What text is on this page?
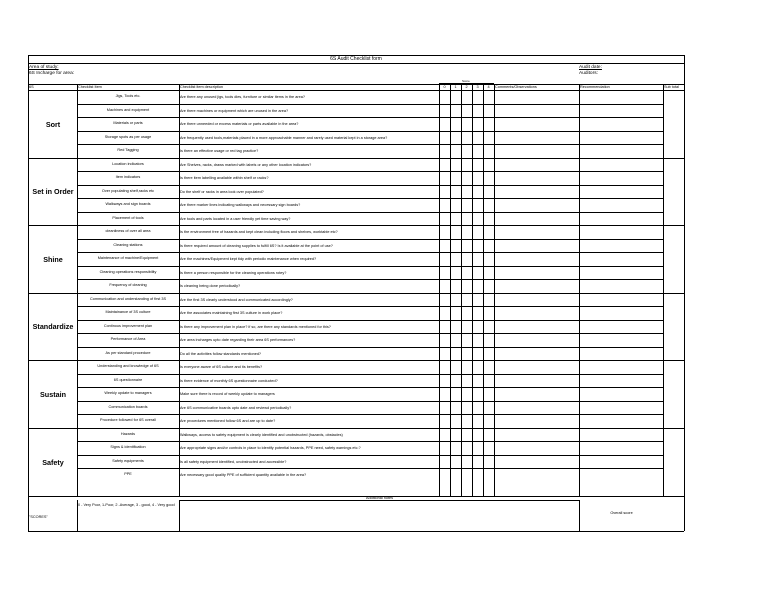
6S Audit Checklist form
Area of study:
6S Incharge for area:
Audit date:
Auditors:
Score
6S	Checklist Item	Checklist item description	0	1	2	3	4	Comments/Observations	Recommendation	Sub total
Additional notes
"SCORES"
0 - Very Poor, 1-Poor, 2 -Average, 3 - good, 4 - Very good
Overall score
Sort
Jigs, Tools etc.	Are there any unused jigs, tools dies, furniture or similar items in the area?
Machines and equipment	Are there machines or equipment which are unused in the area?
Materials or parts	Are there unneeded or excess materials or parts available in the area?
Storage spots as per usage	Are frequently used tools,materials placed in a more approachable manner and rarely used material kept in a storage area?
Red Tagging	Is there an effective usage or red tag practice?
Set in Order
Location indicators	Are Shelves, racks, draws marked with labels or any other location indicators?
Item indicators	Is there item labelling available within shelf or racks?
Over populating shelf,racks etc	Do the shelf or racks in area look over populated?
Walkways and sign boards	Are there marker lines indicating walkways and necessary sign boards?
Placement of tools	Are tools and parts located in a user friendly yet time saving way?
Shine
cleanliness of over all area	Is the environment free of hazards and kept clean including floors and shelves, worktable etc?
Cleaning stations	Is there required amount of cleaning supplies to fulfill 6S? Is it available at the point of use?
Maintenance of machine/Equipment	Are the machines/Equipment kept tidy with periodic maintenance when required?
Cleaning operations responsibility	Is there a person responsible for the cleaning operations rotey?
Frequency of cleaning	Is cleaning being done periodically?
Standardize
Communication and understanding of first 3S	Are the first 3S clearly understood and communicated accordingly?
Maintainance of 3S culture	Are the associates maintaining first 3S culture in work place?
Continous improvement plan	Is there any improvement plan in place? if so, are there any standards mentioned for this?
Performance of Area	Are area incharges upto date regarding their area 6S performances?
As per standard procedure	Do all the activities follow standards mentioned?
Sustain
Understanding and knowledge of 6S	Is everyone aware of 6S culture and its benefits?
6S questionnaire	Is there evidence of monthly 6S questionnaire conducted?
Weekly update to managers	Make sure there is record of weekly update to managers
Communication boards	Are 6S communicative boards upto date and reviewd periodically?
Procedure followed for 6S overall	Are procedures mentioned follow 6S and are up to date?
Safety
Hazards	Walkways, access to safety equipment is clearly identified and unobstructed (hazards, obstacles)
Signs & identification	Are appropriate signs and/or controls in place to identify potential hazards, PPE need, safety warnings etc.?
Safety equipments	Is all safety equipment identified, unobstructed and accessible?
PPE	Are necessary good quality PPE of sufficient quantity available in the area?
